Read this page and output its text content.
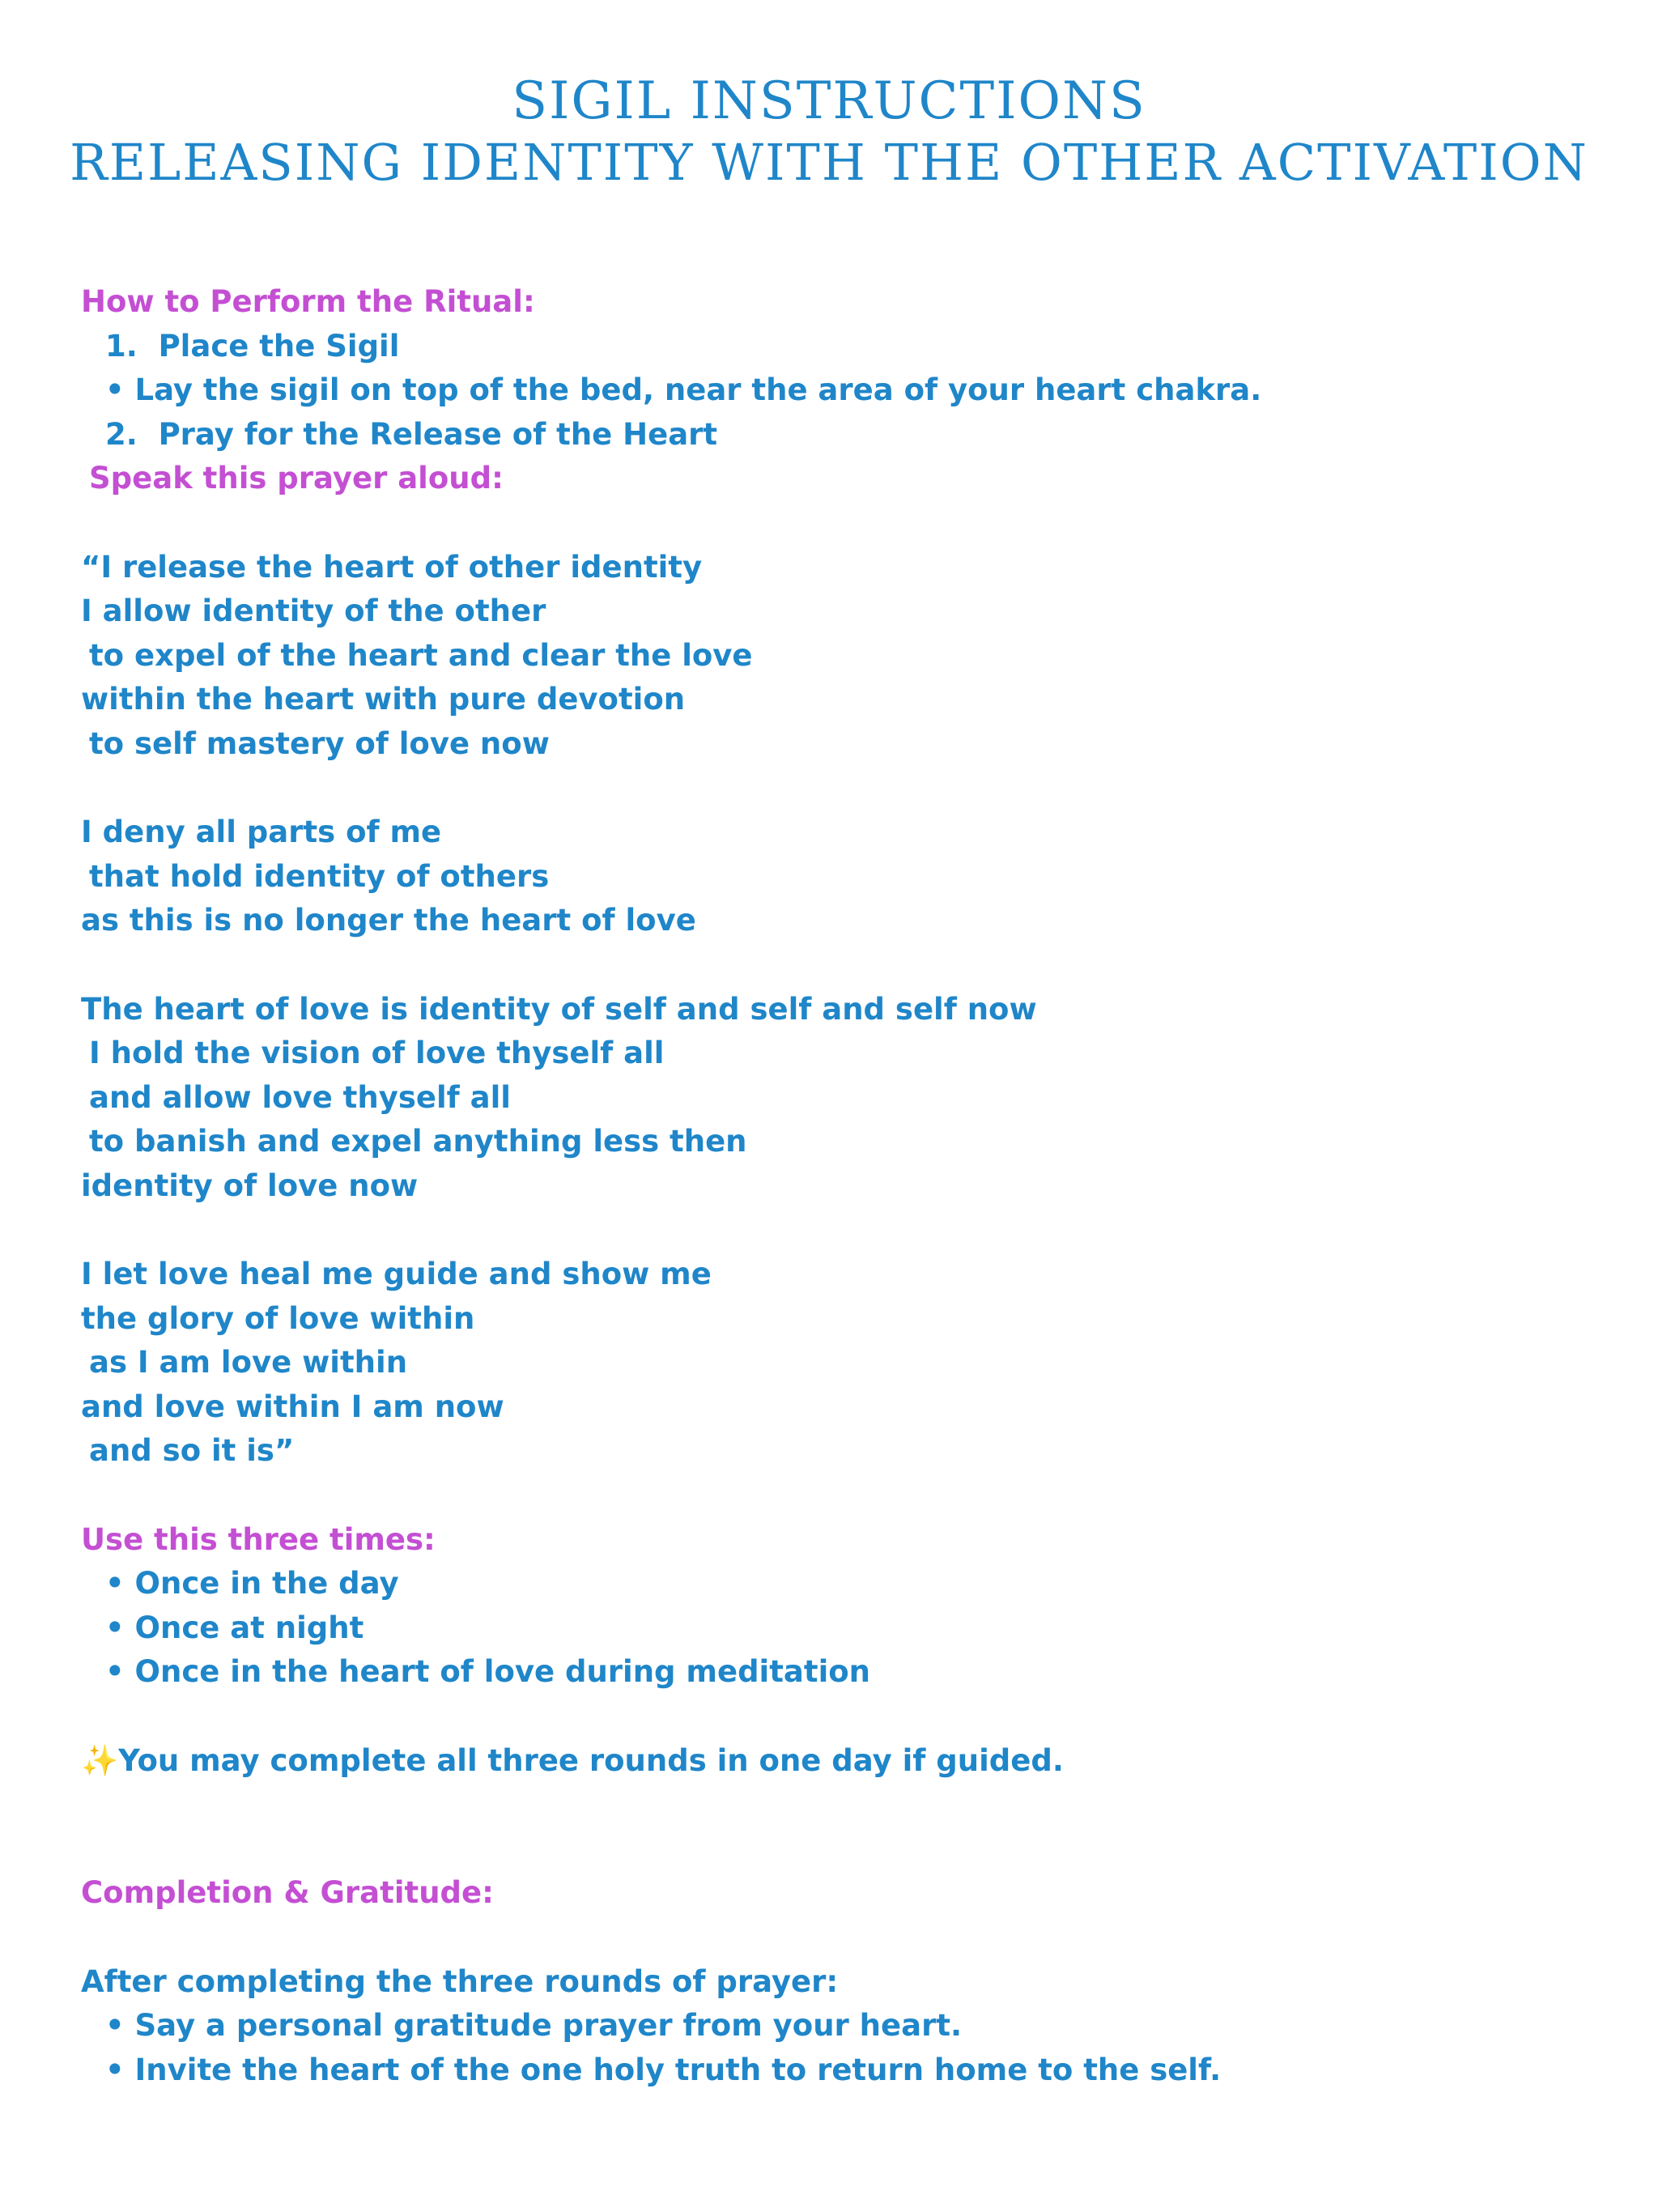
SIGIL INSTRUCTIONS
RELEASING IDENTITY WITH THE OTHER ACTIVATION
How to Perform the Ritual:
1.  Place the Sigil
• Lay the sigil on top of the bed, near the area of your heart chakra.
2.  Pray for the Release of the Heart
Speak this prayer aloud:
“I release the heart of other identity
I allow identity of the other
to expel of the heart and clear the love
within the heart with pure devotion
to self mastery of love now
I deny all parts of me
that hold identity of others
as this is no longer the heart of love
The heart of love is identity of self and self and self now
I hold the vision of love thyself all
and allow love thyself all
to banish and expel anything less then
identity of love now
I let love heal me guide and show me
the glory of love within
as I am love within
and love within I am now
and so it is”
Use this three times:
• Once in the day
• Once at night
• Once in the heart of love during meditation
✨You may complete all three rounds in one day if guided.
Completion & Gratitude:
After completing the three rounds of prayer:
• Say a personal gratitude prayer from your heart.
• Invite the heart of the one holy truth to return home to the self.
